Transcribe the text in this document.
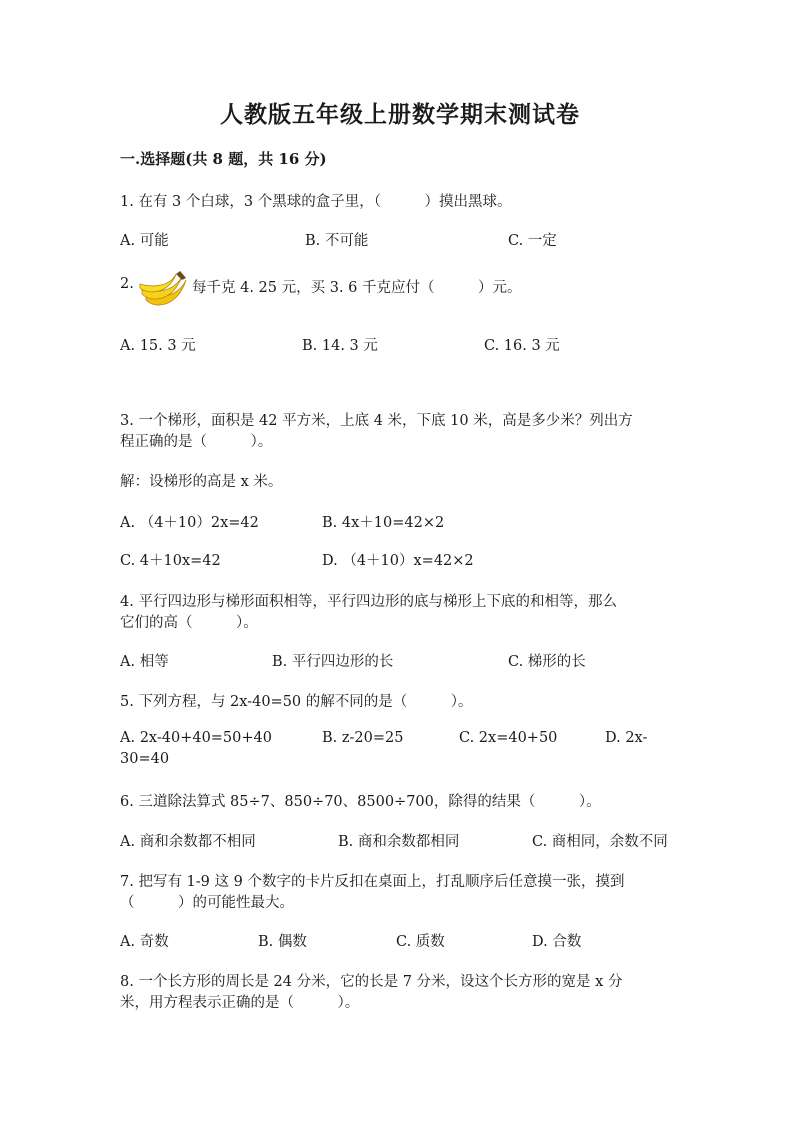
人教版五年级上册数学期末测试卷
一.选择题(共 8 题，共 16 分)
1. 在有 3 个白球，3 个黑球的盒子里，（　　　）摸出黑球。
A. 可能	B. 不可能	C. 一定
2.	每千克 4. 25 元，买 3. 6 千克应付（　　　）元。
A. 15. 3 元	B. 14. 3 元	C. 16. 3 元
3. 一个梯形，面积是 42 平方米，上底 4 米，下底 10 米，高是多少米？列出方
程正确的是（　　　）。
解：设梯形的高是 x 米。
A. （4＋10）2x=42	B. 4x＋10=42×2
C. 4＋10x=42	D. （4＋10）x=42×2
4. 平行四边形与梯形面积相等，平行四边形的底与梯形上下底的和相等，那么
它们的高（　　　）。
A. 相等	B. 平行四边形的长	C. 梯形的长
5. 下列方程，与 2x-40=50 的解不同的是（　　　）。
A. 2x-40+40=50+40	B. z-20=25	C. 2x=40+50	D. 2x-
30=40
6. 三道除法算式 85÷7、850÷70、8500÷700，除得的结果（　　　）。
A. 商和余数都不相同	B. 商和余数都相同	C. 商相同，余数不同
7. 把写有 1-9 这 9 个数字的卡片反扣在桌面上，打乱顺序后任意摸一张，摸到
（　　　）的可能性最大。
A. 奇数	B. 偶数	C. 质数	D. 合数
8. 一个长方形的周长是 24 分米，它的长是 7 分米，设这个长方形的宽是 x 分
米，用方程表示正确的是（　　　）。
